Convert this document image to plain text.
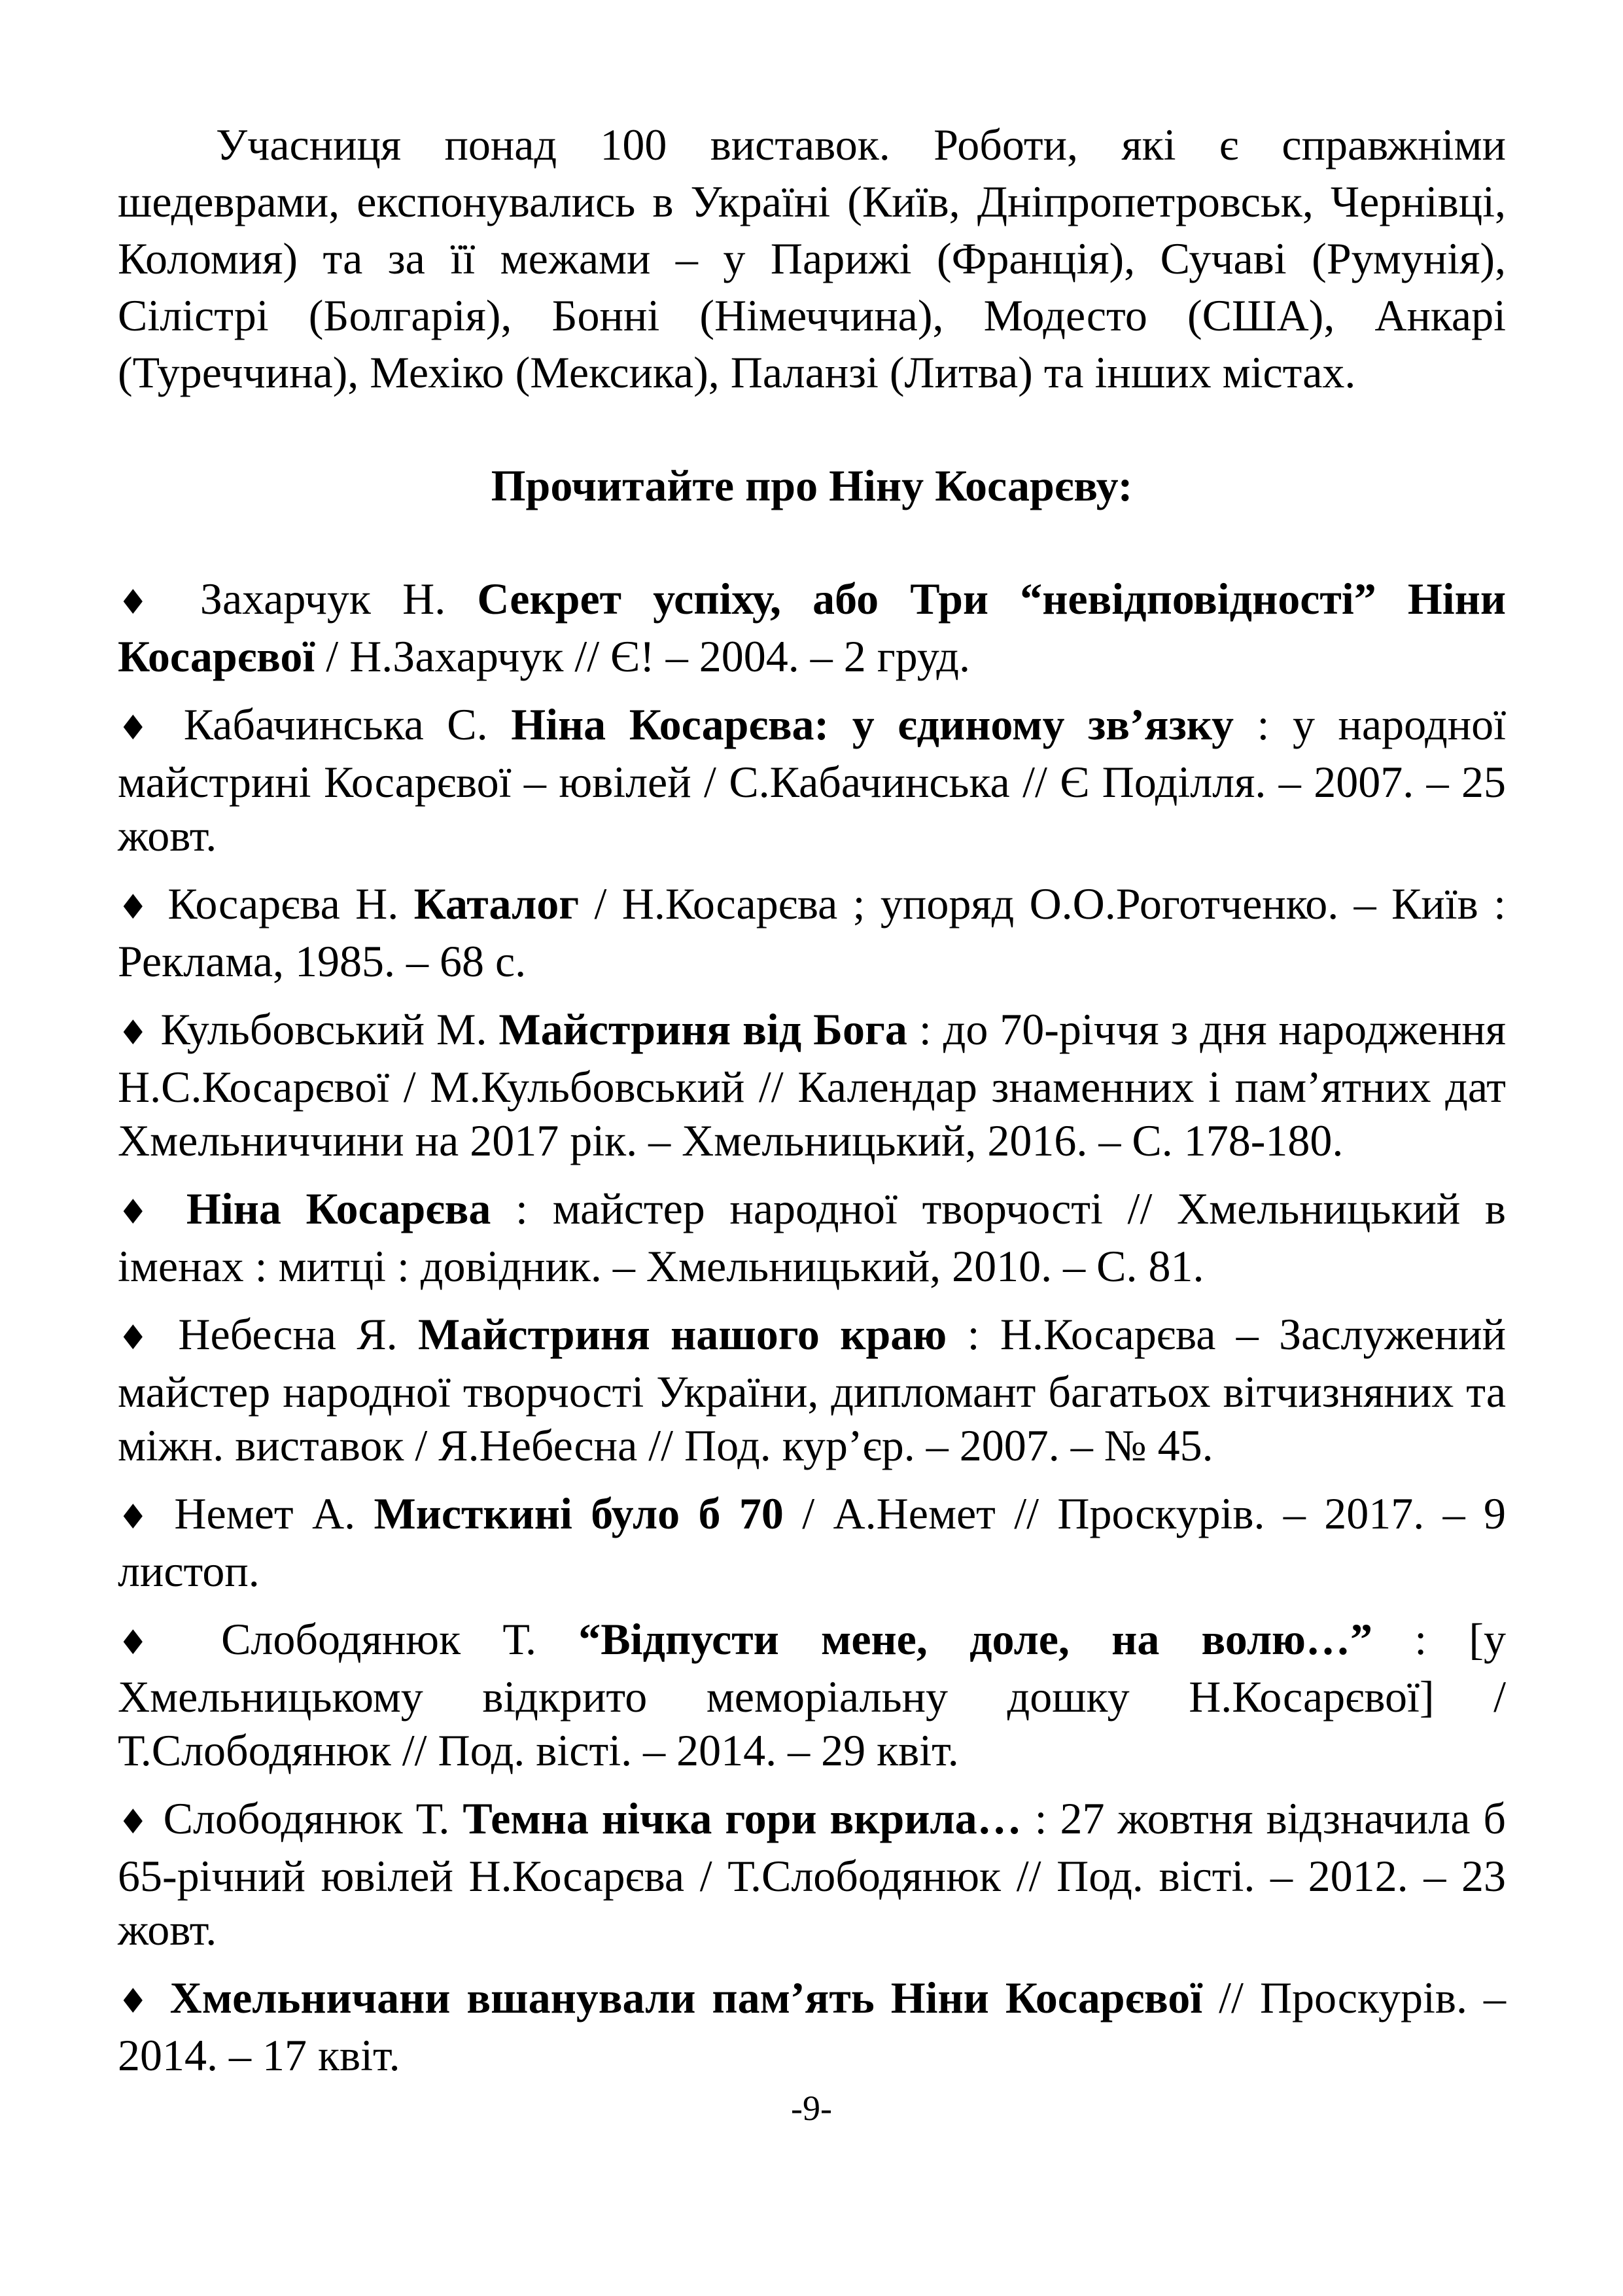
Учасниця понад 100 виставок. Роботи, які є справжніми шедеврами, експонувались в Україні (Київ, Дніпропетровськ, Чернівці, Коломия) та за її межами – у Парижі (Франція), Сучаві (Румунія), Сілістрі (Болгарія), Бонні (Німеччина), Модесто (США), Анкарі (Туреччина), Мехіко (Мексика), Паланзі (Литва) та інших містах.

Прочитайте про Ніну Косарєву:
♦ Захарчук Н. Секрет успіху, або Три “невідповідності” Ніни Косарєвої / Н.Захарчук // Є! – 2004. – 2 груд.
♦ Кабачинська С. Ніна Косарєва: у єдиному зв’язку : у народної майстрині Косарєвої – ювілей / С.Кабачинська // Є Поділля. – 2007. – 25 жовт.
♦ Косарєва Н. Каталог / Н.Косарєва ; упоряд О.О.Роготченко. – Київ : Реклама, 1985. – 68 с.
♦ Кульбовський М. Майстриня від Бога : до 70-річчя з дня народження Н.С.Косарєвої / М.Кульбовський // Календар знаменних і пам’ятних дат Хмельниччини на 2017 рік. – Хмельницький, 2016. – С. 178-180.
♦ Ніна Косарєва : майстер народної творчості // Хмельницький в іменах : митці : довідник. – Хмельницький, 2010. – С. 81.
♦ Небесна Я. Майстриня нашого краю : Н.Косарєва – Заслужений майстер народної творчості України, дипломант багатьох вітчизняних та міжн. виставок / Я.Небесна // Под. кур’єр. – 2007. – № 45.
♦ Немет А. Мисткині було б 70 / А.Немет // Проскурів. – 2017. – 9 листоп.
♦ Слободянюк Т. “Відпусти мене, доле, на волю…” : [у Хмельницькому відкрито меморіальну дошку Н.Косарєвої] / Т.Слободянюк // Под. вісті. – 2014. – 29 квіт.
♦ Слободянюк Т. Темна нічка гори вкрила… : 27 жовтня відзначила б 65-річний ювілей Н.Косарєва / Т.Слободянюк // Под. вісті. – 2012. – 23 жовт.
♦ Хмельничани вшанували пам’ять Ніни Косарєвої // Проскурів. – 2014. – 17 квіт.
-9-
